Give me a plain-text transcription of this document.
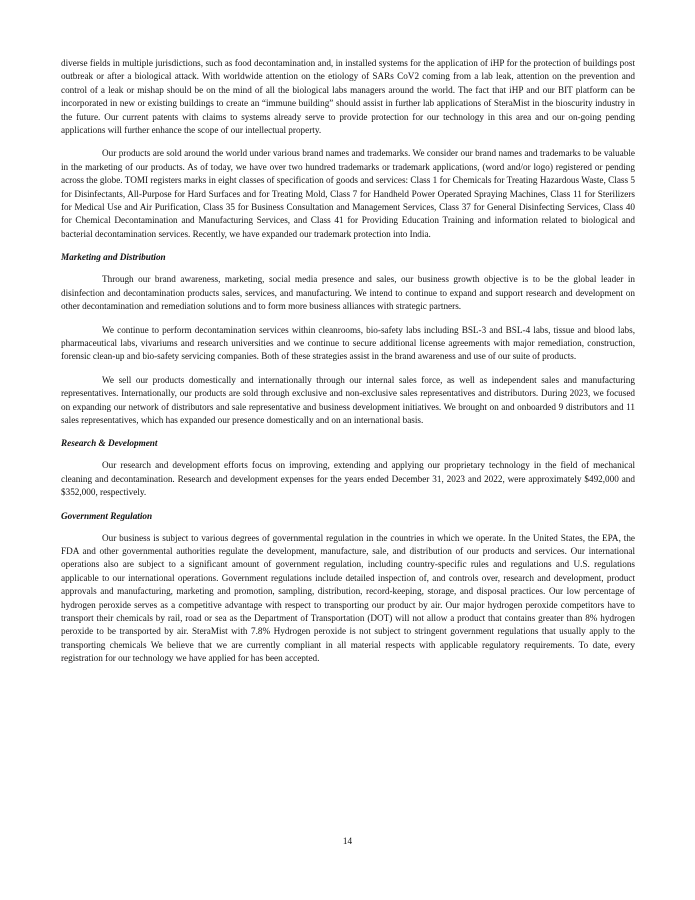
diverse fields in multiple jurisdictions, such as food decontamination and, in installed systems for the application of iHP for the protection of buildings post outbreak or after a biological attack. With worldwide attention on the etiology of SARs CoV2 coming from a lab leak, attention on the prevention and control of a leak or mishap should be on the mind of all the biological labs managers around the world. The fact that iHP and our BIT platform can be incorporated in new or existing buildings to create an “immune building” should assist in further lab applications of SteraMist in the bioscurity industry in the future. Our current patents with claims to systems already serve to provide protection for our technology in this area and our on-going pending applications will further enhance the scope of our intellectual property.

Our products are sold around the world under various brand names and trademarks. We consider our brand names and trademarks to be valuable in the marketing of our products. As of today, we have over two hundred trademarks or trademark applications, (word and/or logo) registered or pending across the globe. TOMI registers marks in eight classes of specification of goods and services: Class 1 for Chemicals for Treating Hazardous Waste, Class 5 for Disinfectants, All-Purpose for Hard Surfaces and for Treating Mold, Class 7 for Handheld Power Operated Spraying Machines, Class 11 for Sterilizers for Medical Use and Air Purification, Class 35 for Business Consultation and Management Services, Class 37 for General Disinfecting Services, Class 40 for Chemical Decontamination and Manufacturing Services, and Class 41 for Providing Education Training and information related to biological and bacterial decontamination services. Recently, we have expanded our trademark protection into India.

Marketing and Distribution

Through our brand awareness, marketing, social media presence and sales, our business growth objective is to be the global leader in disinfection and decontamination products sales, services, and manufacturing. We intend to continue to expand and support research and development on other decontamination and remediation solutions and to form more business alliances with strategic partners.

We continue to perform decontamination services within cleanrooms, bio-safety labs including BSL-3 and BSL-4 labs, tissue and blood labs, pharmaceutical labs, vivariums and research universities and we continue to secure additional license agreements with major remediation, construction, forensic clean-up and bio-safety servicing companies. Both of these strategies assist in the brand awareness and use of our suite of products.

We sell our products domestically and internationally through our internal sales force, as well as independent sales and manufacturing representatives. Internationally, our products are sold through exclusive and non-exclusive sales representatives and distributors. During 2023, we focused on expanding our network of distributors and sale representative and business development initiatives. We brought on and onboarded 9 distributors and 11 sales representatives, which has expanded our presence domestically and on an international basis.

Research & Development

Our research and development efforts focus on improving, extending and applying our proprietary technology in the field of mechanical cleaning and decontamination. Research and development expenses for the years ended December 31, 2023 and 2022, were approximately $492,000 and $352,000, respectively.

Government Regulation

Our business is subject to various degrees of governmental regulation in the countries in which we operate. In the United States, the EPA, the FDA and other governmental authorities regulate the development, manufacture, sale, and distribution of our products and services. Our international operations also are subject to a significant amount of government regulation, including country-specific rules and regulations and U.S. regulations applicable to our international operations. Government regulations include detailed inspection of, and controls over, research and development, product approvals and manufacturing, marketing and promotion, sampling, distribution, record-keeping, storage, and disposal practices. Our low percentage of hydrogen peroxide serves as a competitive advantage with respect to transporting our product by air. Our major hydrogen peroxide competitors have to transport their chemicals by rail, road or sea as the Department of Transportation (DOT) will not allow a product that contains greater than 8% hydrogen peroxide to be transported by air. SteraMist with 7.8% Hydrogen peroxide is not subject to stringent government regulations that usually apply to the transporting chemicals We believe that we are currently compliant in all material respects with applicable regulatory requirements. To date, every registration for our technology we have applied for has been accepted.

14
